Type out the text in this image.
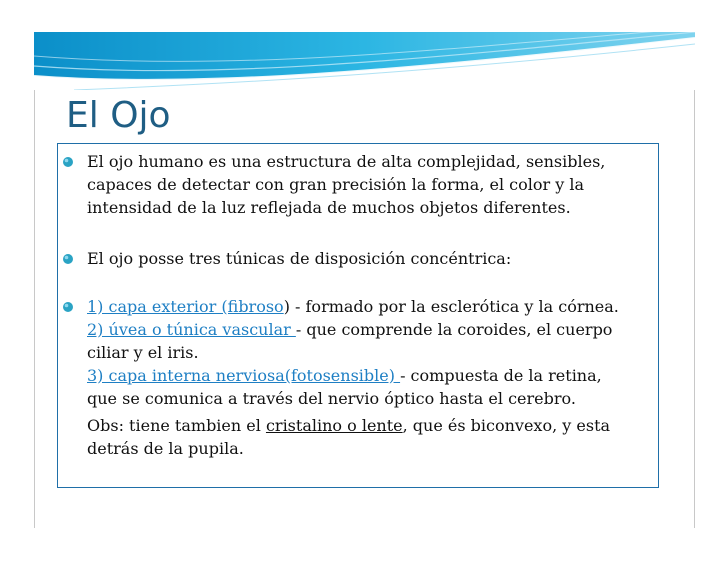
El Ojo
El ojo humano es una estructura de alta complejidad, sensibles,
capaces de detectar con gran precisión la forma, el color y la
intensidad de la luz reflejada de muchos objetos diferentes.
El ojo posse tres túnicas de disposición concéntrica:
1) capa exterior (fibroso) - formado por la esclerótica y la córnea.
2) úvea o túnica vascular - que comprende la coroides, el cuerpo
ciliar y el iris.
3) capa interna nerviosa(fotosensible) - compuesta de la retina,
que se comunica a través del nervio óptico hasta el cerebro.
Obs: tiene tambien el cristalino o lente, que és biconvexo, y esta
detrás de la pupila.
